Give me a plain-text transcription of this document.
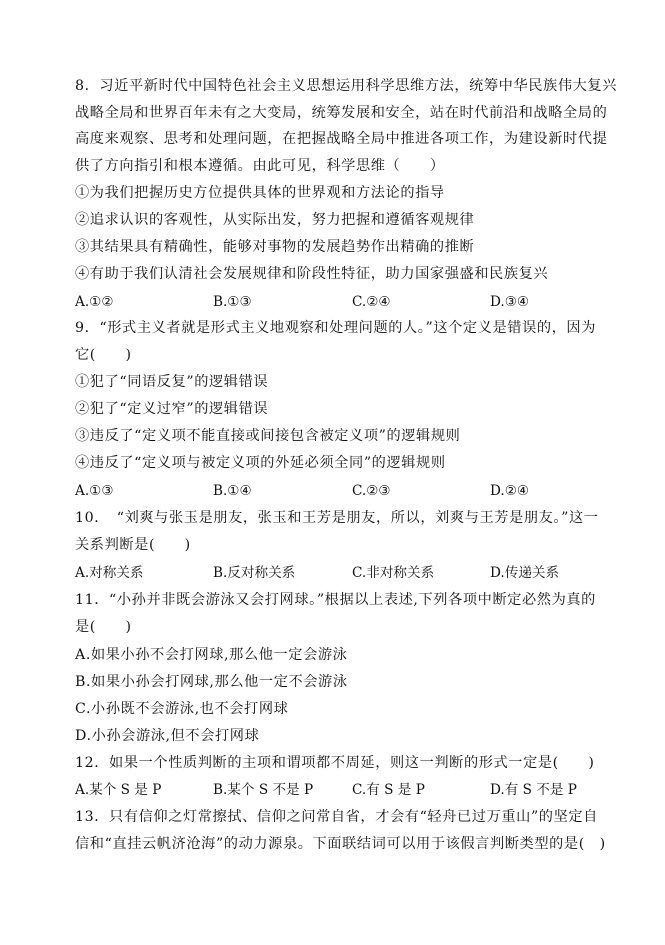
8．习近平新时代中国特色社会主义思想运用科学思维方法，统筹中华民族伟大复兴
战略全局和世界百年未有之大变局，统筹发展和安全，站在时代前沿和战略全局的
高度来观察、思考和处理问题，在把握战略全局中推进各项工作，为建设新时代提
供了方向指引和根本遵循。由此可见，科学思维（　　）
①为我们把握历史方位提供具体的世界观和方法论的指导
②追求认识的客观性，从实际出发，努力把握和遵循客观规律
③其结果具有精确性，能够对事物的发展趋势作出精确的推断
④有助于我们认清社会发展规律和阶段性特征，助力国家强盛和民族复兴
A.①②	B.①③	C.②④	D.③④
9．“形式主义者就是形式主义地观察和处理问题的人。”这个定义是错误的，因为
它(　　)
①犯了“同语反复”的逻辑错误
②犯了“定义过窄”的逻辑错误
③违反了“定义项不能直接或间接包含被定义项”的逻辑规则
④违反了“定义项与被定义项的外延必须全同”的逻辑规则
A.①③	B.①④	C.②③	D.②④
10．　“刘爽与张玉是朋友，张玉和王芳是朋友，所以，刘爽与王芳是朋友。”这一
关系判断是(　　)
A.对称关系	B.反对称关系	C.非对称关系	D.传递关系
11．“小孙并非既会游泳又会打网球。”根据以上表述,下列各项中断定必然为真的
是(　　)
A.如果小孙不会打网球,那么他一定会游泳
B.如果小孙会打网球,那么他一定不会游泳
C.小孙既不会游泳,也不会打网球
D.小孙会游泳,但不会打网球
12．如果一个性质判断的主项和谓项都不周延，则这一判断的形式一定是(　　)
A.某个 S 是 P	B.某个 S 不是 P	C.有 S 是 P	D.有 S 不是 P
13．只有信仰之灯常擦拭、信仰之问常自省，才会有“轻舟已过万重山”的坚定自
信和“直挂云帆济沧海”的动力源泉。下面联结词可以用于该假言判断类型的是(　)
